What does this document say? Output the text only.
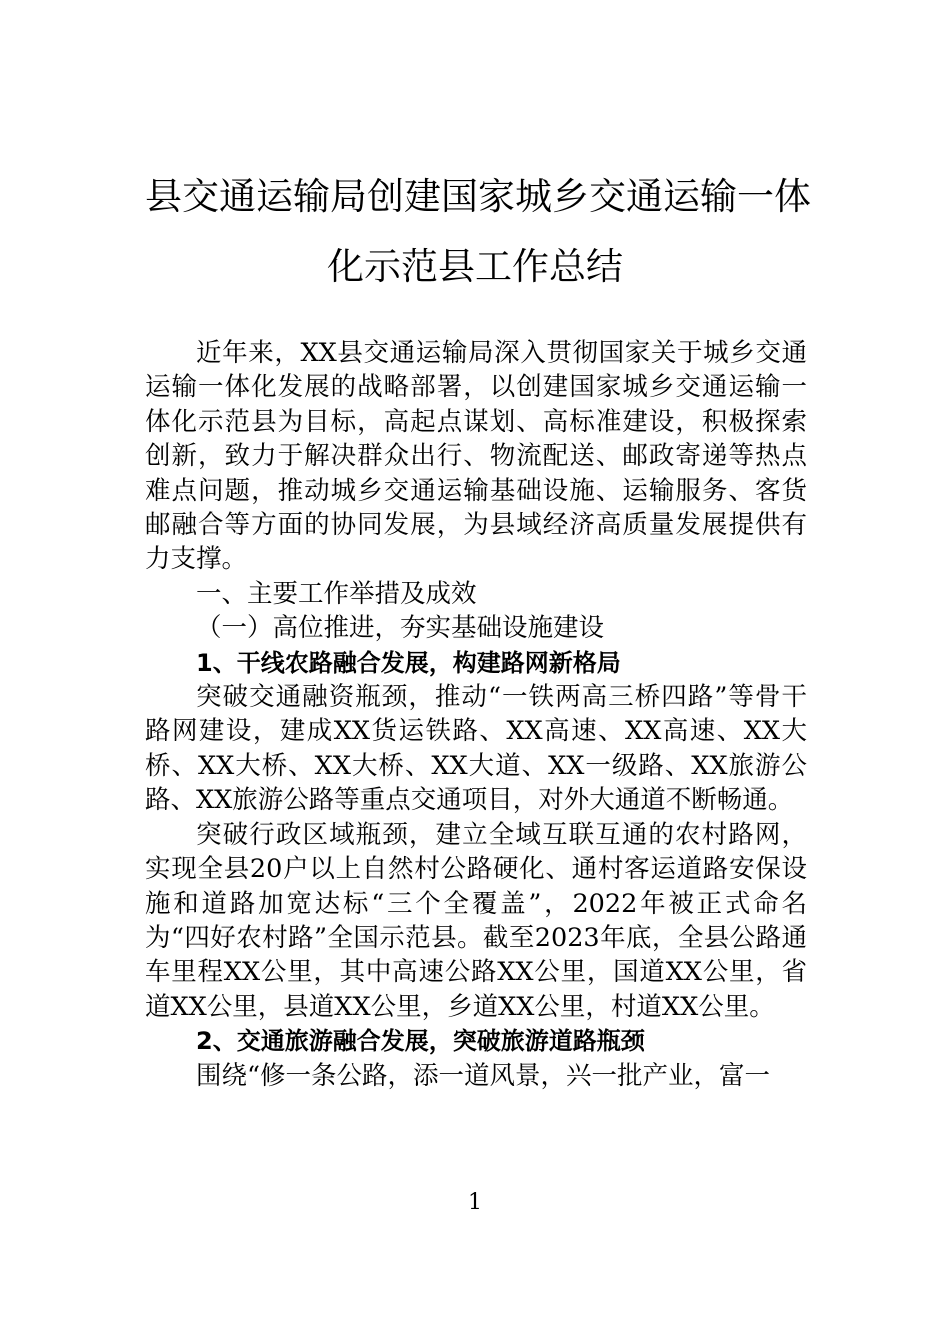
县交通运输局创建国家城乡交通运输一体
化示范县工作总结

近年来，XX县交通运输局深入贯彻国家关于城乡交通运输一体化发展的战略部署，以创建国家城乡交通运输一体化示范县为目标，高起点谋划、高标准建设，积极探索创新，致力于解决群众出行、物流配送、邮政寄递等热点难点问题，推动城乡交通运输基础设施、运输服务、客货邮融合等方面的协同发展，为县域经济高质量发展提供有力支撑。

一、主要工作举措及成效

（一）高位推进，夯实基础设施建设

1、干线农路融合发展，构建路网新格局

突破交通融资瓶颈，推动“一铁两高三桥四路”等骨干路网建设，建成XX货运铁路、XX高速、XX高速、XX大桥、XX大桥、XX大桥、XX大道、XX一级路、XX旅游公路、XX旅游公路等重点交通项目，对外大通道不断畅通。

突破行政区域瓶颈，建立全域互联互通的农村路网，实现全县20户以上自然村公路硬化、通村客运道路安保设施和道路加宽达标“三个全覆盖”，2022年被正式命名为“四好农村路”全国示范县。截至2023年底，全县公路通车里程XX公里，其中高速公路XX公里，国道XX公里，省道XX公里，县道XX公里，乡道XX公里，村道XX公里。

2、交通旅游融合发展，突破旅游道路瓶颈

围绕“修一条公路，添一道风景，兴一批产业，富一

1
